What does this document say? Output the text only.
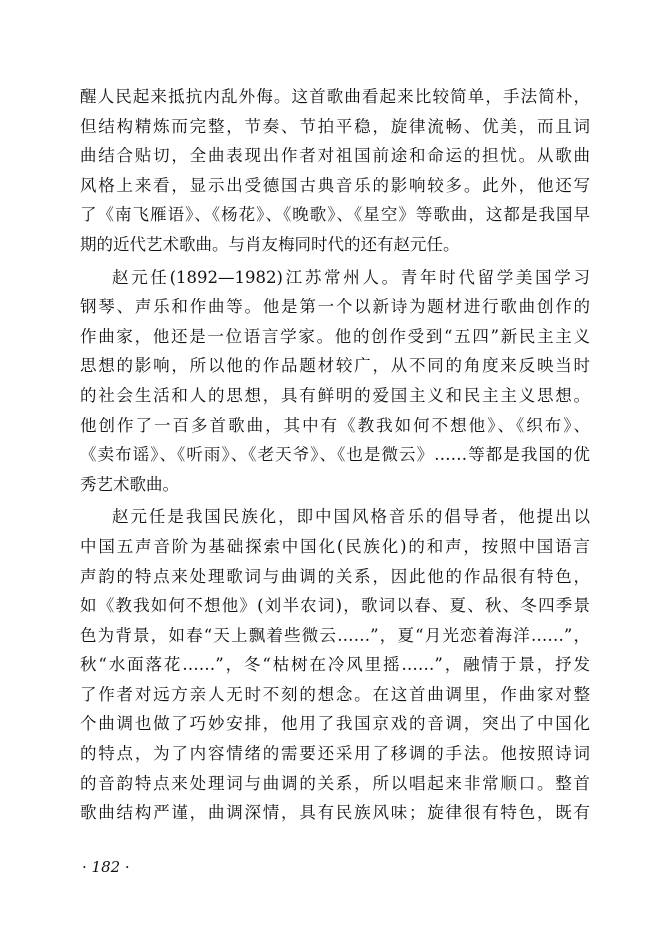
醒人民起来抵抗内乱外侮。这首歌曲看起来比较简单，手法简朴，
但结构精炼而完整，节奏、节拍平稳，旋律流畅、优美，而且词
曲结合贴切，全曲表现出作者对祖国前途和命运的担忧。从歌曲
风格上来看，显示出受德国古典音乐的影响较多。此外，他还写
了《南飞雁语》、《杨花》、《晚歌》、《星空》等歌曲，这都是我国早
期的近代艺术歌曲。与肖友梅同时代的还有赵元任。
赵元任(1892—1982)江苏常州人。青年时代留学美国学习
钢琴、声乐和作曲等。他是第一个以新诗为题材进行歌曲创作的
作曲家，他还是一位语言学家。他的创作受到“五四”新民主主义
思想的影响，所以他的作品题材较广，从不同的角度来反映当时
的社会生活和人的思想，具有鲜明的爱国主义和民主主义思想。
他创作了一百多首歌曲，其中有《教我如何不想他》、《织布》、
《卖布谣》、《听雨》、《老天爷》、《也是微云》……等都是我国的优
秀艺术歌曲。
赵元任是我国民族化，即中国风格音乐的倡导者，他提出以
中国五声音阶为基础探索中国化(民族化)的和声，按照中国语言
声韵的特点来处理歌词与曲调的关系，因此他的作品很有特色，
如《教我如何不想他》(刘半农词)，歌词以春、夏、秋、冬四季景
色为背景，如春“天上飘着些微云……”，夏“月光恋着海洋……”，
秋“水面落花……”，冬“枯树在冷风里摇……”，融情于景，抒发
了作者对远方亲人无时不刻的想念。在这首曲调里，作曲家对整
个曲调也做了巧妙安排，他用了我国京戏的音调，突出了中国化
的特点，为了内容情绪的需要还采用了移调的手法。他按照诗词
的音韵特点来处理词与曲调的关系，所以唱起来非常顺口。整首
歌曲结构严谨，曲调深情，具有民族风味；旋律很有特色，既有
· 182 ·
